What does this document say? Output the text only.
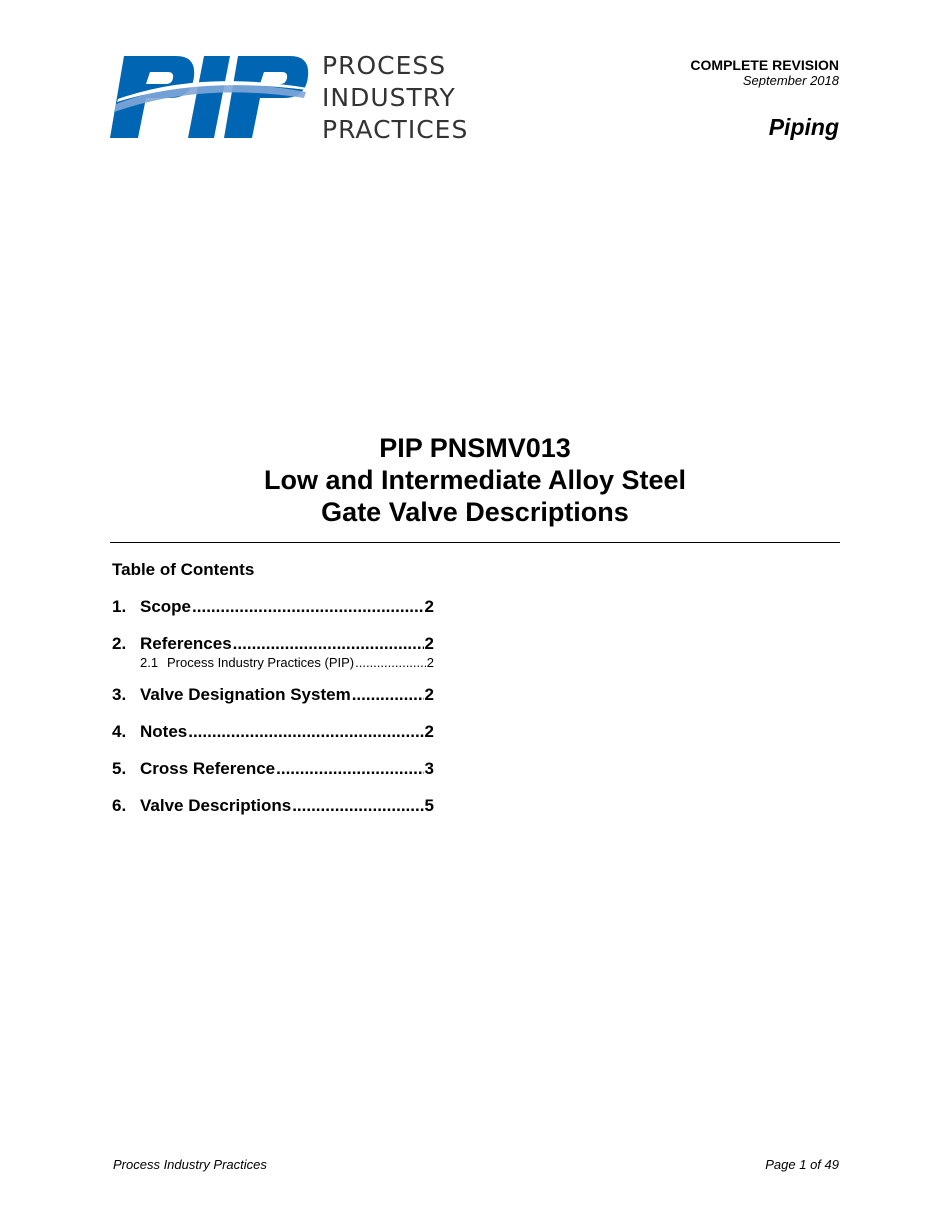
PROCESS
INDUSTRY
PRACTICES
COMPLETE REVISION
September 2018
Piping
PIP PNSMV013
Low and Intermediate Alloy Steel
Gate Valve Descriptions
Table of Contents
1. Scope .....	2
2. References .....	2
2.1 Process Industry Practices (PIP) .....	2
3. Valve Designation System .....	2
4. Notes .....	2
5. Cross Reference .....	3
6. Valve Descriptions .....	5
Process Industry Practices	Page 1 of 49
